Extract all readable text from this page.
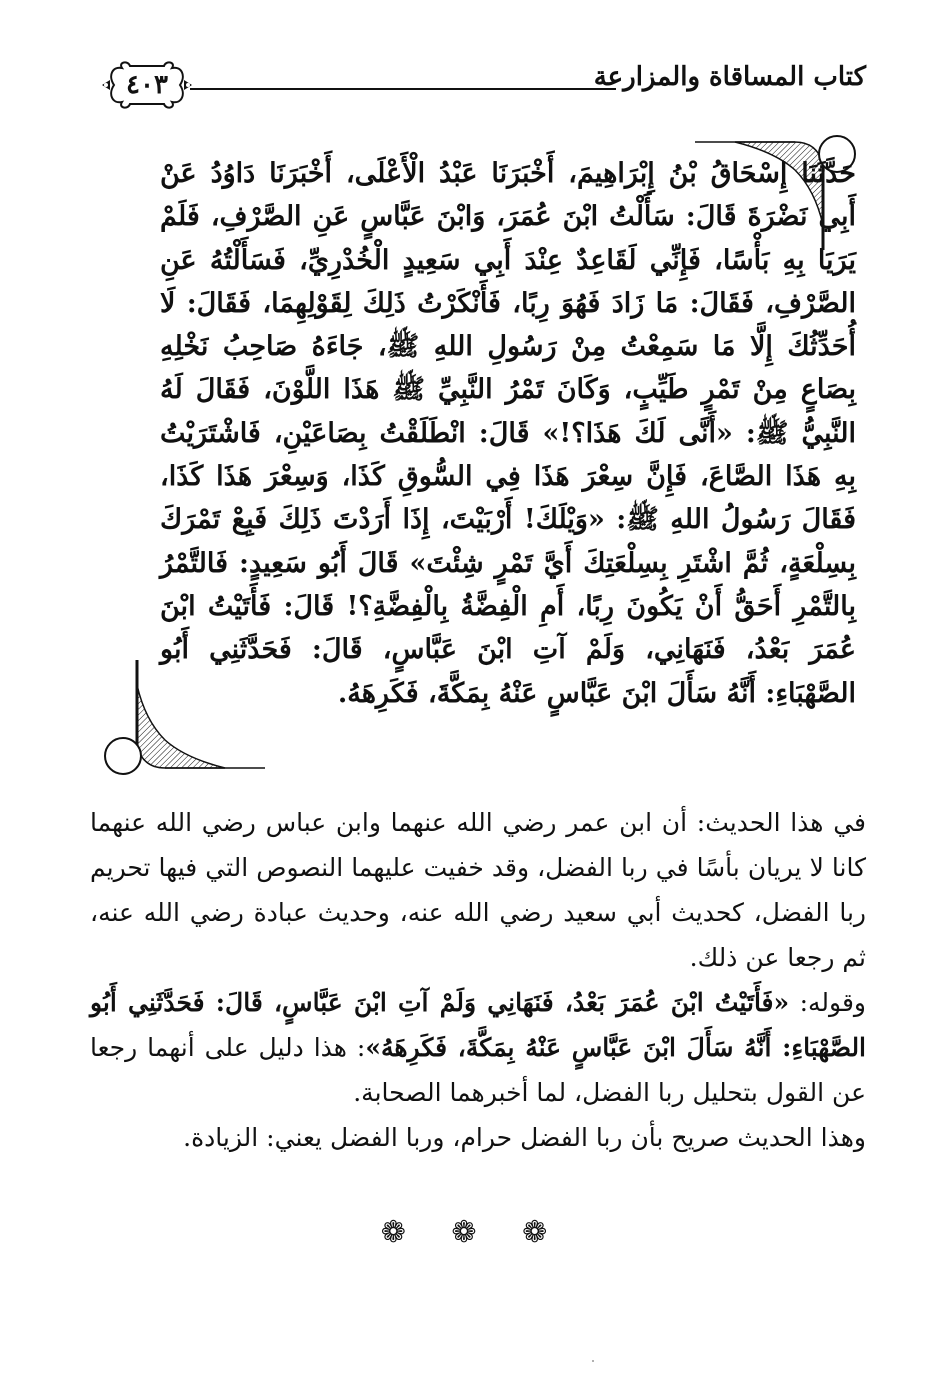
كتاب المساقاة والمزارعة
٤٠٣
حَدَّثَنَا إِسْحَاقُ بْنُ إِبْرَاهِيمَ، أَخْبَرَنَا عَبْدُ الْأَعْلَى، أَخْبَرَنَا دَاوُدُ عَنْ أَبِي نَضْرَةَ قَالَ: سَأَلْتُ ابْنَ عُمَرَ، وَابْنَ عَبَّاسٍ عَنِ الصَّرْفِ، فَلَمْ يَرَيَا بِهِ بَأْسًا، فَإِنِّي لَقَاعِدٌ عِنْدَ أَبِي سَعِيدٍ الْخُدْرِيِّ، فَسَأَلْتُهُ عَنِ الصَّرْفِ، فَقَالَ: مَا زَادَ فَهُوَ رِبًا، فَأَنْكَرْتُ ذَلِكَ لِقَوْلِهِمَا، فَقَالَ: لَا أُحَدِّثُكَ إِلَّا مَا سَمِعْتُ مِنْ رَسُولِ اللهِ ﷺ، جَاءَهُ صَاحِبُ نَخْلِهِ بِصَاعٍ مِنْ تَمْرٍ طَيِّبٍ، وَكَانَ تَمْرُ النَّبِيِّ ﷺ هَذَا اللَّوْنَ، فَقَالَ لَهُ النَّبِيُّ ﷺ: «أَنَّى لَكَ هَذَا؟!» قَالَ: انْطَلَقْتُ بِصَاعَيْنِ، فَاشْتَرَيْتُ بِهِ هَذَا الصَّاعَ، فَإِنَّ سِعْرَ هَذَا فِي السُّوقِ كَذَا، وَسِعْرَ هَذَا كَذَا، فَقَالَ رَسُولُ اللهِ ﷺ: «وَيْلَكَ! أَرْبَيْتَ، إِذَا أَرَدْتَ ذَلِكَ فَبِعْ تَمْرَكَ بِسِلْعَةٍ، ثُمَّ اشْتَرِ بِسِلْعَتِكَ أَيَّ تَمْرٍ شِئْتَ» قَالَ أَبُو سَعِيدٍ: فَالتَّمْرُ بِالتَّمْرِ أَحَقُّ أَنْ يَكُونَ رِبًا، أَمِ الْفِضَّةُ بِالْفِضَّةِ؟! قَالَ: فَأَتَيْتُ ابْنَ عُمَرَ بَعْدُ، فَنَهَانِي، وَلَمْ آتِ ابْنَ عَبَّاسٍ، قَالَ: فَحَدَّثَنِي أَبُو الصَّهْبَاءِ: أَنَّهُ سَأَلَ ابْنَ عَبَّاسٍ عَنْهُ بِمَكَّةَ، فَكَرِهَهُ.

في هذا الحديث: أن ابن عمر رضي الله عنهما وابن عباس رضي الله عنهما كانا لا يريان بأسًا في ربا الفضل، وقد خفيت عليهما النصوص التي فيها تحريم ربا الفضل، كحديث أبي سعيد رضي الله عنه، وحديث عبادة رضي الله عنه، ثم رجعا عن ذلك.

وقوله: «فَأَتَيْتُ ابْنَ عُمَرَ بَعْدُ، فَنَهَانِي وَلَمْ آتِ ابْنَ عَبَّاسٍ، قَالَ: فَحَدَّثَنِي أَبُو الصَّهْبَاءِ: أَنَّهُ سَأَلَ ابْنَ عَبَّاسٍ عَنْهُ بِمَكَّةَ، فَكَرِهَهُ»: هذا دليل على أنهما رجعا عن القول بتحليل ربا الفضل، لما أخبرهما الصحابة.

وهذا الحديث صريح بأن ربا الفضل حرام، وربا الفضل يعني: الزيادة.

❁ ❁ ❁
